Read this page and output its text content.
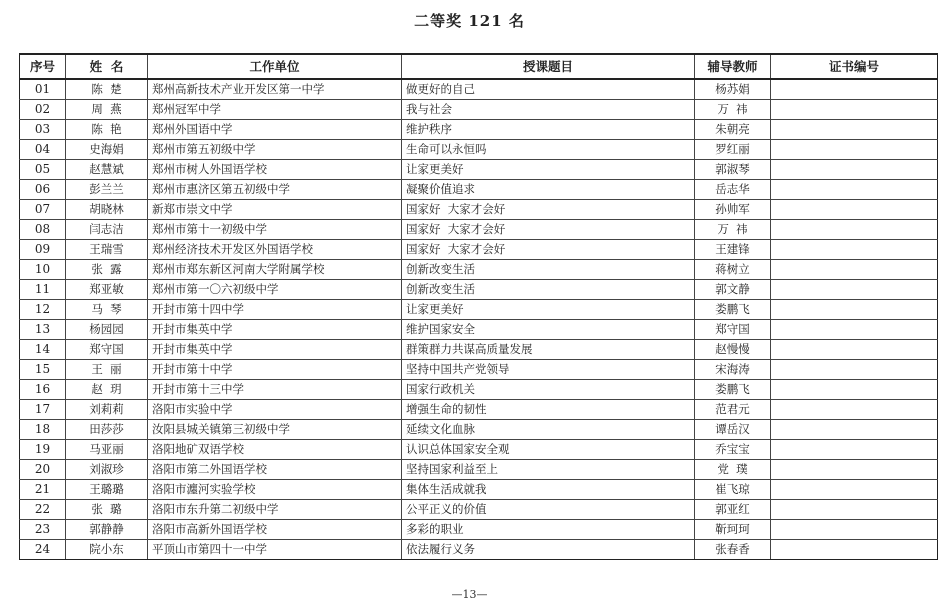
二等奖 121 名
序号	姓  名	工作单位	授课题目	辅导教师	证书编号
01	陈  楚	郑州高新技术产业开发区第一中学	做更好的自己	杨苏娟	
02	周  燕	郑州冠军中学	我与社会	万  祎	
03	陈  艳	郑州外国语中学	维护秩序	朱朝亮	
04	史海娟	郑州市第五初级中学	生命可以永恒吗	罗红丽	
05	赵慧斌	郑州市树人外国语学校	让家更美好	郭淑琴	
06	彭兰兰	郑州市惠济区第五初级中学	凝聚价值追求	岳志华	
07	胡晓林	新郑市崇文中学	国家好  大家才会好	孙帅军	
08	闫志洁	郑州市第十一初级中学	国家好  大家才会好	万  祎	
09	王瑞雪	郑州经济技术开发区外国语学校	国家好  大家才会好	王建锋	
10	张  露	郑州市郑东新区河南大学附属学校	创新改变生活	蒋树立	
11	郑亚敏	郑州市第一〇六初级中学	创新改变生活	郭文静	
12	马  琴	开封市第十四中学	让家更美好	娄鹏飞	
13	杨园园	开封市集英中学	维护国家安全	郑守国	
14	郑守国	开封市集英中学	群策群力共谋高质量发展	赵慢慢	
15	王  丽	开封市第十中学	坚持中国共产党领导	宋海涛	
16	赵  玥	开封市第十三中学	国家行政机关	娄鹏飞	
17	刘莉莉	洛阳市实验中学	增强生命的韧性	范君元	
18	田莎莎	汝阳县城关镇第三初级中学	延续文化血脉	谭岳汉	
19	马亚丽	洛阳地矿双语学校	认识总体国家安全观	乔宝宝	
20	刘淑珍	洛阳市第二外国语学校	坚持国家利益至上	党  璞	
21	王璐璐	洛阳市瀍河实验学校	集体生活成就我	崔飞琼	
22	张  璐	洛阳市东升第二初级中学	公平正义的价值	郭亚红	
23	郭静静	洛阳市高新外国语学校	多彩的职业	靳珂珂	
24	院小东	平顶山市第四十一中学	依法履行义务	张春香	
—13—
